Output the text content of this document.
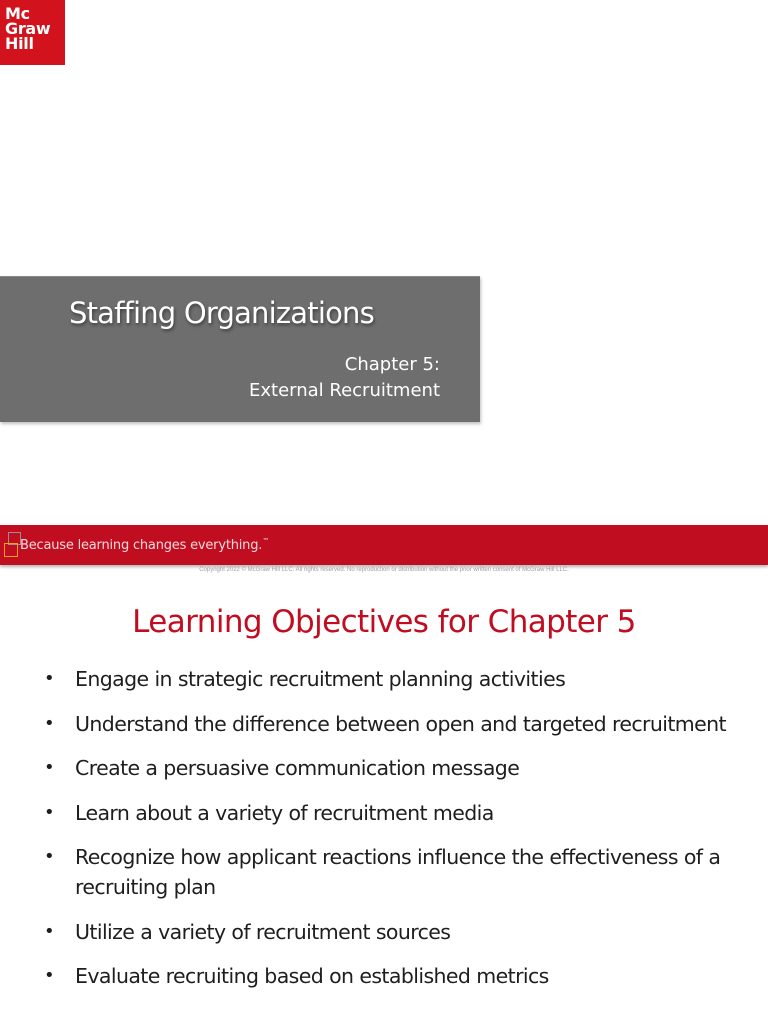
Mc
Graw
Hill
Staffing Organizations
Chapter 5:
External Recruitment
Because learning changes everything.™
Copyright 2022 © McGraw Hill LLC. All rights reserved. No reproduction or distribution without the prior written consent of McGraw Hill LLC.
Learning Objectives for Chapter 5
• Engage in strategic recruitment planning activities
• Understand the difference between open and targeted recruitment
• Create a persuasive communication message
• Learn about a variety of recruitment media
• Recognize how applicant reactions influence the effectiveness of a recruiting plan
• Utilize a variety of recruitment sources
• Evaluate recruiting based on established metrics
